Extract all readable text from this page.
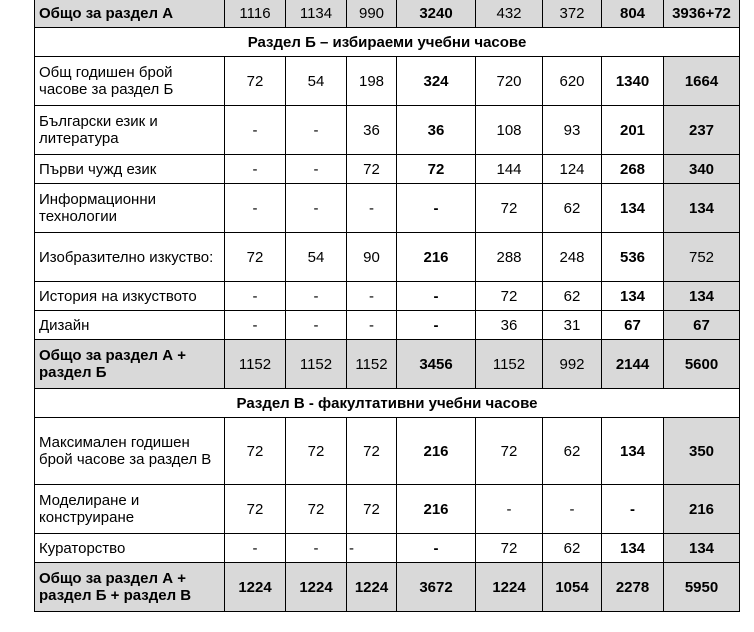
Общо за раздел А	1116	1134	990	3240	432	372	804	3936+72
Раздел Б – избираеми учебни часове								
Общ годишен брой часове за раздел Б	72	54	198	324	720	620	1340	1664
Български език и литература	-	-	36	36	108	93	201	237
Първи чужд език	-	-	72	72	144	124	268	340
Информационни технологии	-	-	-	-	72	62	134	134
Изобразително изкуство:	72	54	90	216	288	248	536	752
История на изкуството	-	-	-	-	72	62	134	134
Дизайн	-	-	-	-	36	31	67	67
Общо за раздел А + раздел Б	1152	1152	1152	3456	1152	992	2144	5600
Раздел В - факултативни учебни часове								
Максимален годишен брой часове за раздел В	72	72	72	216	72	62	134	350
Моделиране и конструиране	72	72	72	216	-	-	-	216
Кураторство	-	-	-	-	72	62	134	134
Общо за раздел А + раздел Б + раздел В	1224	1224	1224	3672	1224	1054	2278	5950
